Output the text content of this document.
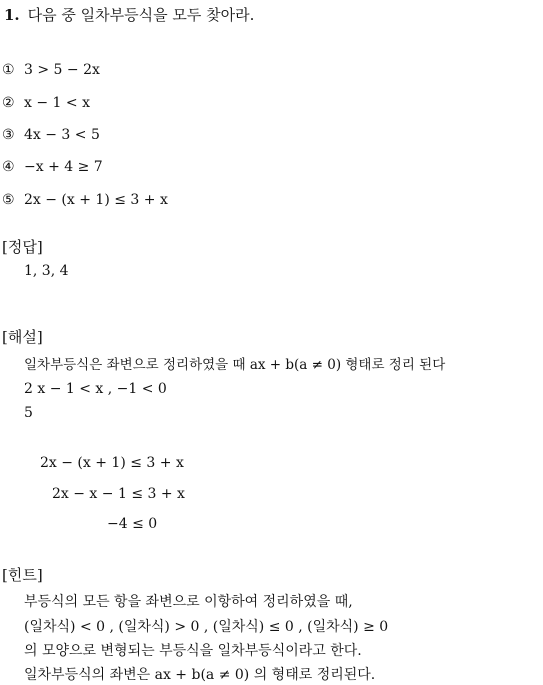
1. 다음 중 일차부등식을 모두 찾아라.
① 3 > 5 − 2x
② x − 1 < x
③ 4x − 3 < 5
④ −x + 4 ≥ 7
⑤ 2x − (x + 1) ≤ 3 + x
[정답]
1, 3, 4
[해설]
일차부등식은 좌변으로 정리하였을 때 ax + b(a ≠ 0) 형태로 정리 된다
2 x − 1 < x , −1 < 0
5
2x − (x + 1) ≤ 3 + x
2x − x − 1 ≤ 3 + x
−4 ≤ 0
[힌트]
부등식의 모든 항을 좌변으로 이항하여 정리하였을 때,
(일차식) < 0 , (일차식) > 0 , (일차식) ≤ 0 , (일차식) ≥ 0
의 모양으로 변형되는 부등식을 일차부등식이라고 한다.
일차부등식의 좌변은 ax + b(a ≠ 0) 의 형태로 정리된다.
